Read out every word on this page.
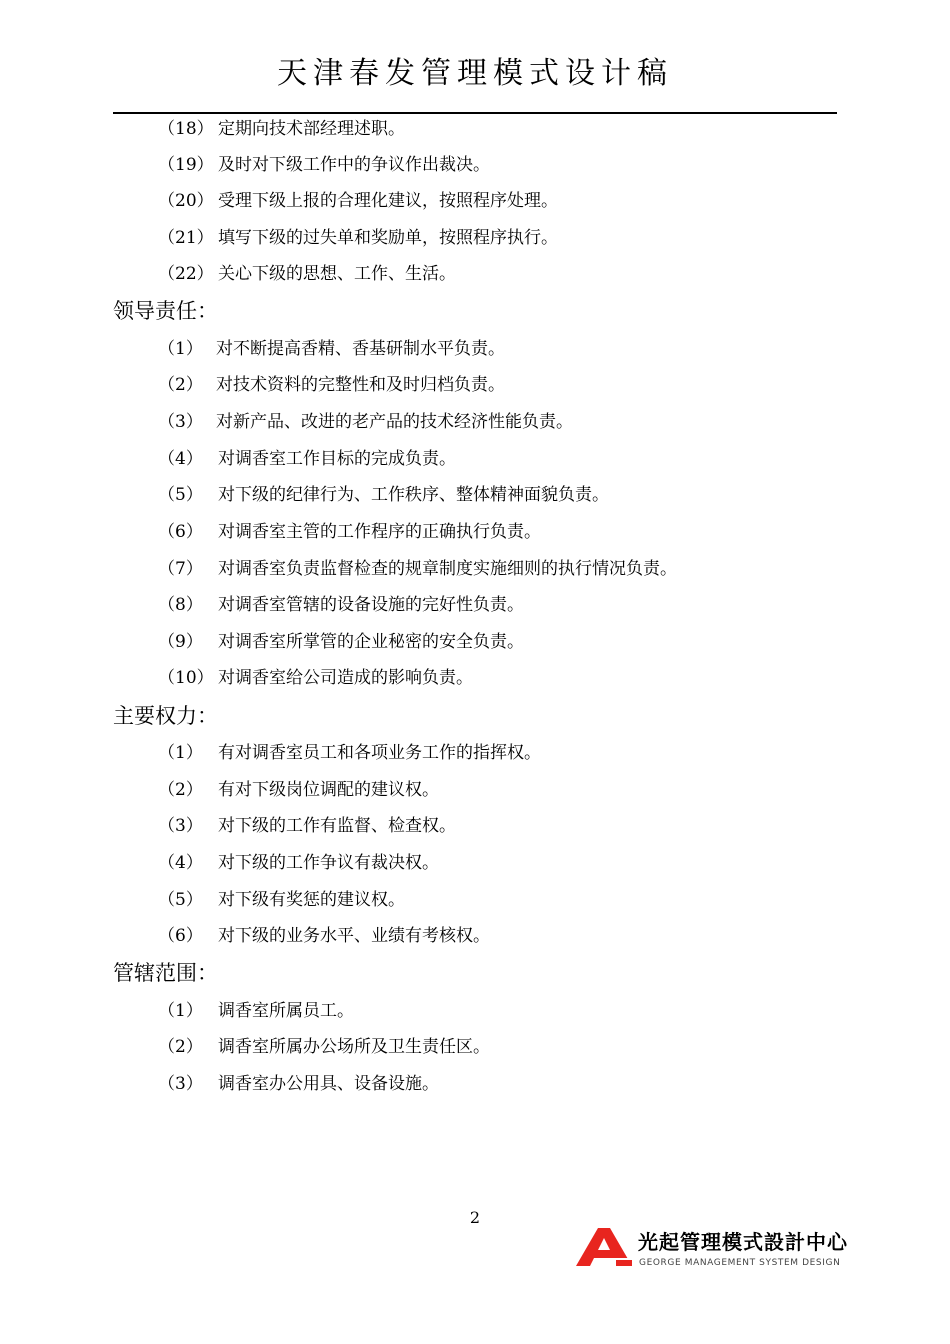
天津春发管理模式设计稿
（18） 定期向技术部经理述职。
（19） 及时对下级工作中的争议作出裁决。
（20） 受理下级上报的合理化建议，按照程序处理。
（21） 填写下级的过失单和奖励单，按照程序执行。
（22） 关心下级的思想、工作、生活。
领导责任：
（1） 对不断提高香精、香基研制水平负责。
（2） 对技术资料的完整性和及时归档负责。
（3） 对新产品、改进的老产品的技术经济性能负责。
（4） 对调香室工作目标的完成负责。
（5） 对下级的纪律行为、工作秩序、整体精神面貌负责。
（6） 对调香室主管的工作程序的正确执行负责。
（7） 对调香室负责监督检查的规章制度实施细则的执行情况负责。
（8） 对调香室管辖的设备设施的完好性负责。
（9） 对调香室所掌管的企业秘密的安全负责。
（10） 对调香室给公司造成的影响负责。
主要权力：
（1） 有对调香室员工和各项业务工作的指挥权。
（2） 有对下级岗位调配的建议权。
（3） 对下级的工作有监督、检查权。
（4） 对下级的工作争议有裁决权。
（5） 对下级有奖惩的建议权。
（6） 对下级的业务水平、业绩有考核权。
管辖范围：
（1） 调香室所属员工。
（2） 调香室所属办公场所及卫生责任区。
（3） 调香室办公用具、设备设施。
2
光起管理模式設計中心
GEORGE MANAGEMENT SYSTEM DESIGN
